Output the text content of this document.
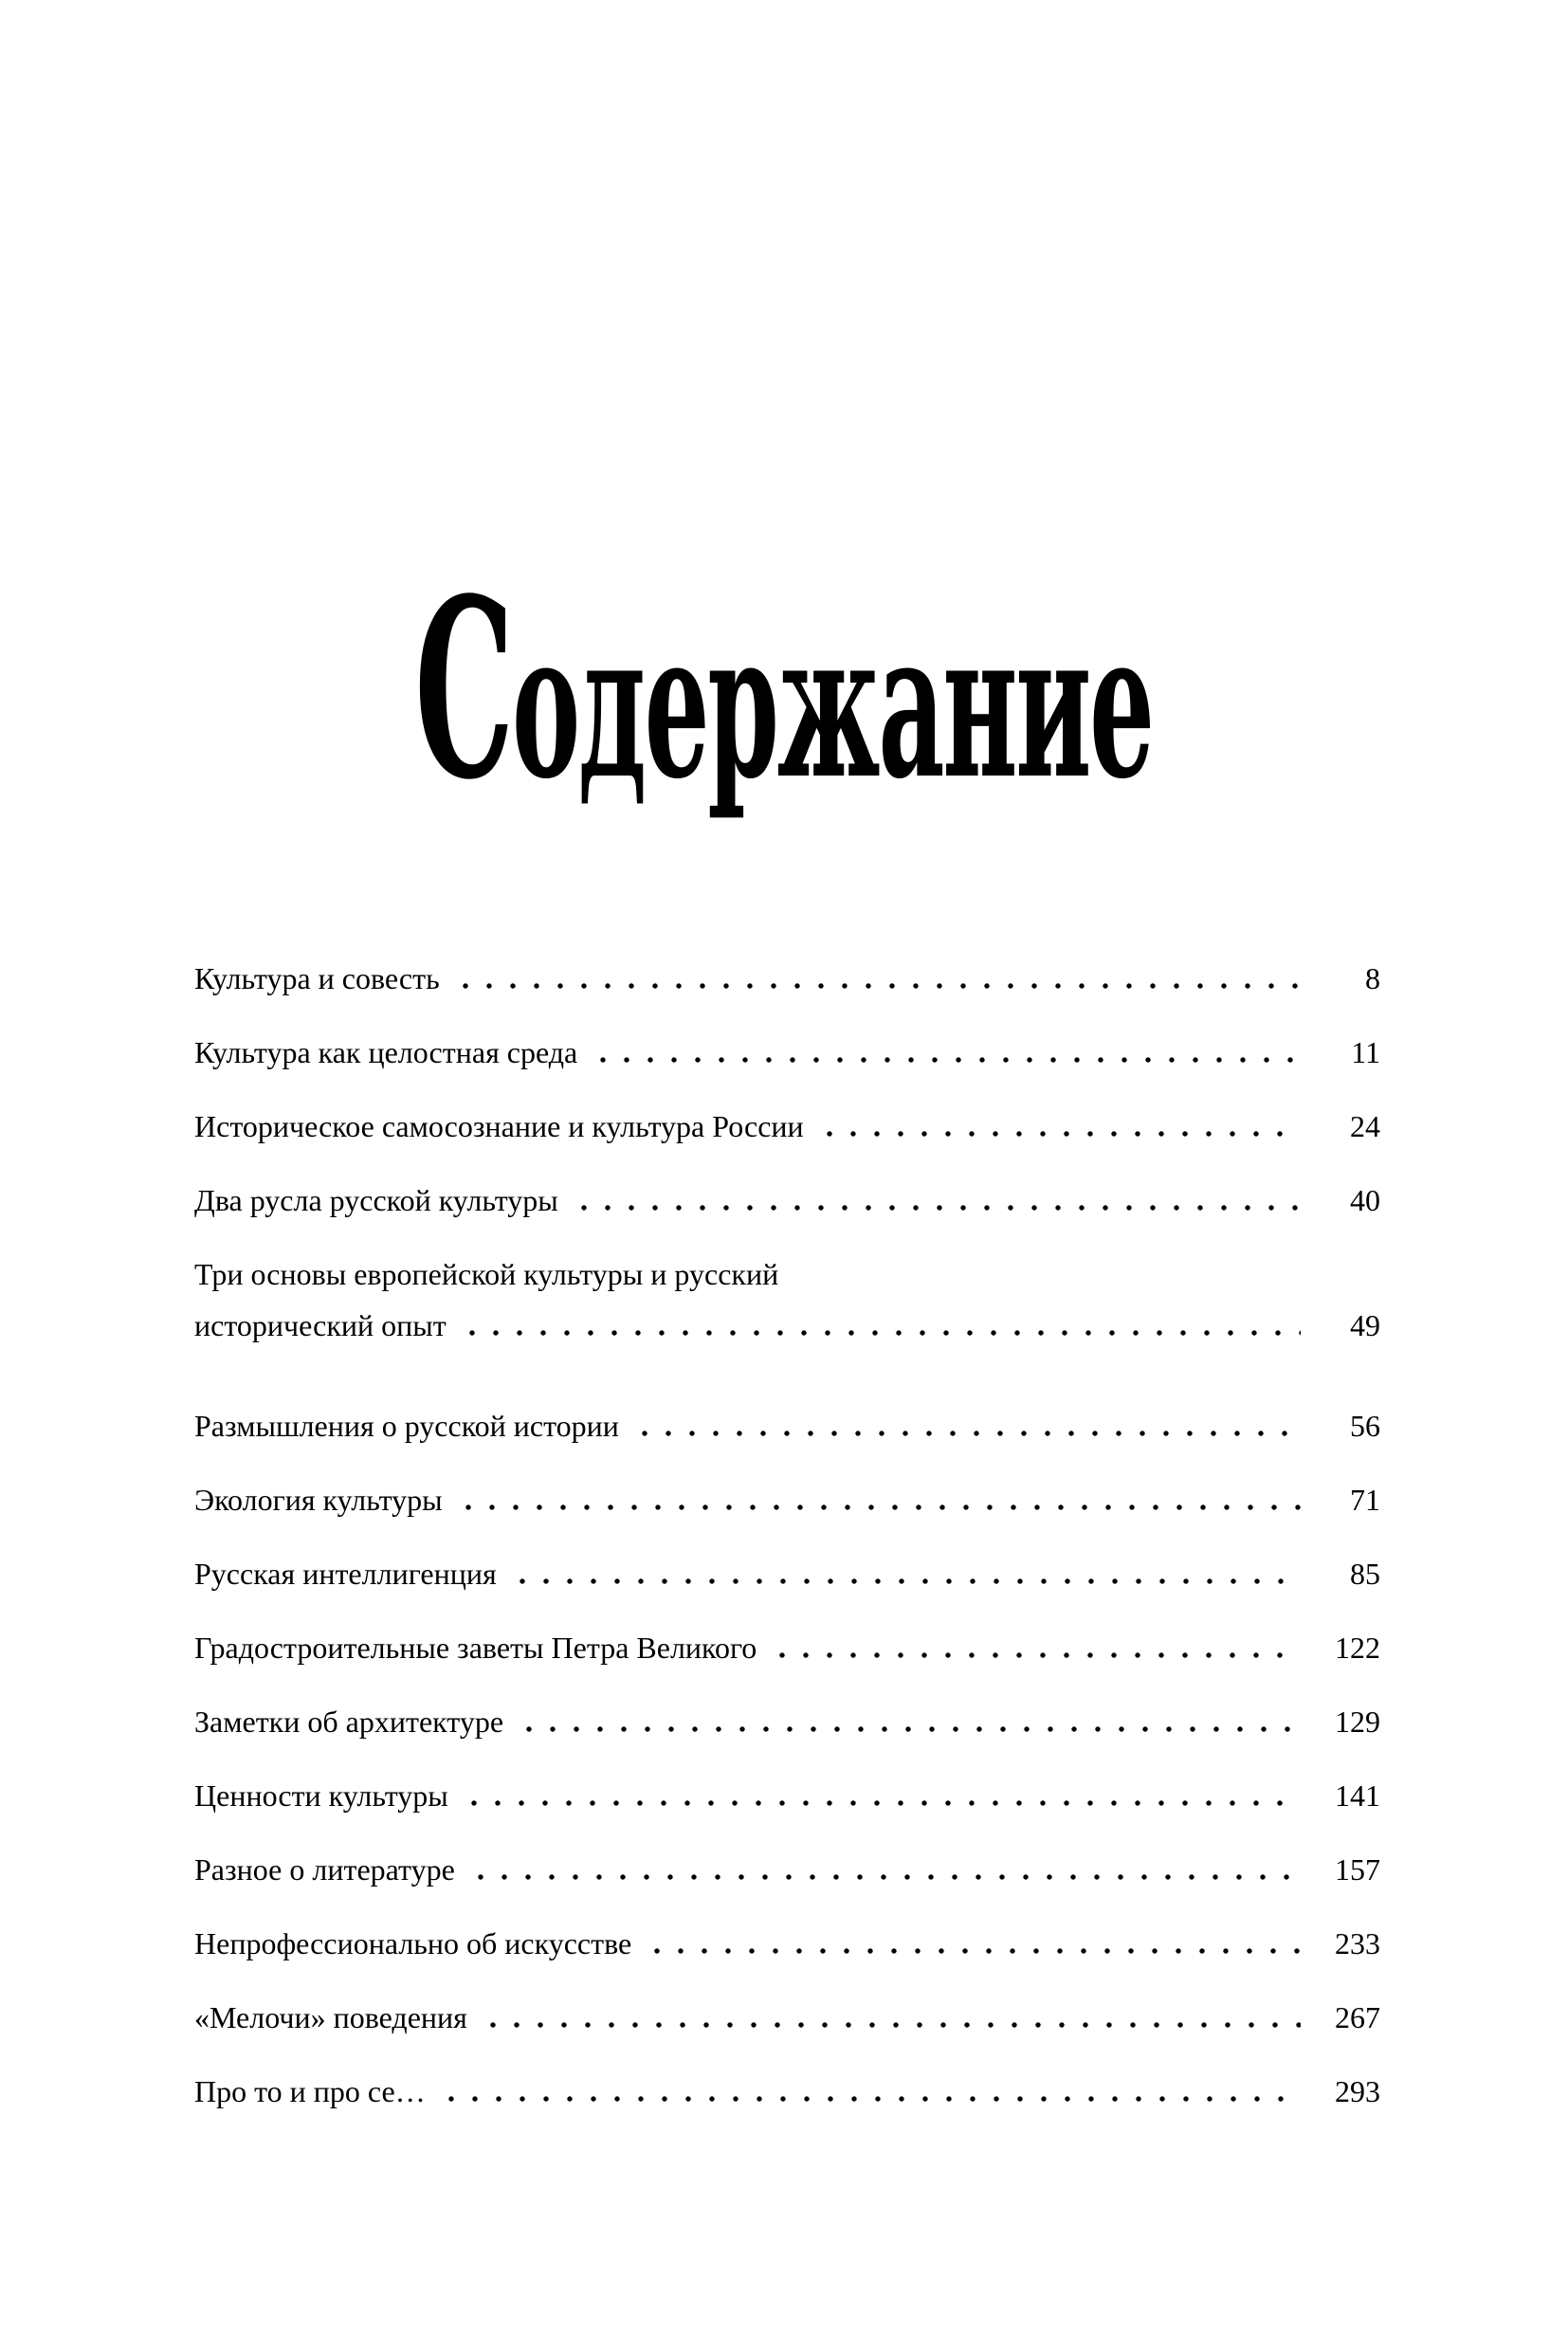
Содержание
Культура и совесть	8
Культура как целостная среда	11
Историческое самосознание и культура России	24
Два русла русской культуры	40
Три основы европейской культуры и русский
исторический опыт	49
Размышления о русской истории	56
Экология культуры	71
Русская интеллигенция	85
Градостроительные заветы Петра Великого	122
Заметки об архитектуре	129
Ценности культуры	141
Разное о литературе	157
Непрофессионально об искусстве	233
«Мелочи» поведения	267
Про то и про се…	293
